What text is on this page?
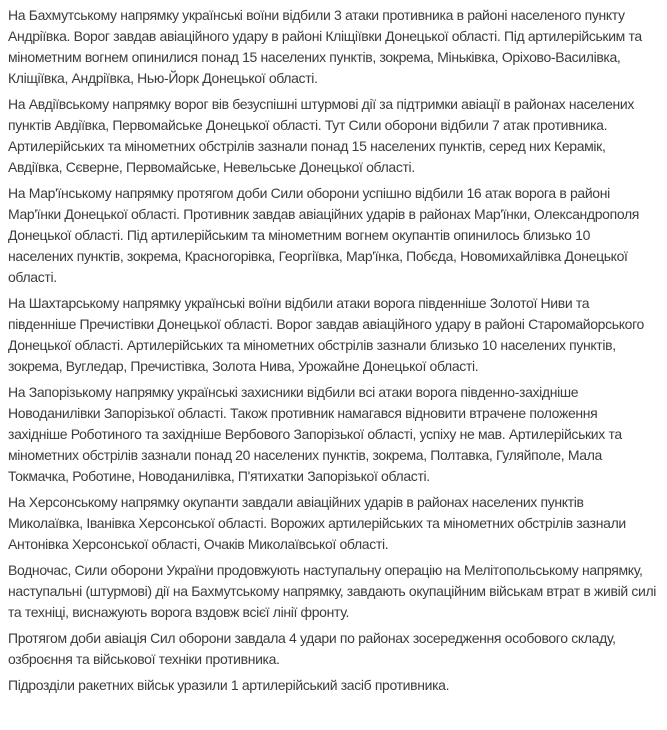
На Бахмутському напрямку українські воїни відбили 3 атаки противника в районі населеного пункту Андріївка. Ворог завдав авіаційного удару в районі Кліщіївки Донецької області. Під артилерійським та мінометним вогнем опинилися понад 15 населених пунктів, зокрема, Міньківка, Оріхово-Василівка, Кліщіївка, Андріївка, Нью-Йорк Донецької області.

На Авдіївському напрямку ворог вів безуспішні штурмові дії за підтримки авіації в районах населених пунктів Авдіївка, Первомайське Донецької області. Тут Сили оборони відбили 7 атак противника. Артилерійських та мінометних обстрілів зазнали понад 15 населених пунктів, серед них Керамік, Авдіївка, Сєверне, Первомайське, Невельське Донецької області.

На Мар'їнському напрямку протягом доби Сили оборони успішно відбили 16 атак ворога в районі Мар'їнки Донецької області. Противник завдав авіаційних ударів в районах Мар'їнки, Олександрополя Донецької області. Під артилерійським та мінометним вогнем окупантів опинилось близько 10 населених пунктів, зокрема, Красногорівка, Георгіївка, Мар'їнка, Побєда, Новомихайлівка Донецької області.

На Шахтарському напрямку українські воїни відбили атаки ворога південніше Золотої Ниви та південніше Пречистівки Донецької області. Ворог завдав авіаційного удару в районі Старомайорського Донецької області. Артилерійських та мінометних обстрілів зазнали близько 10 населених пунктів, зокрема, Вугледар, Пречистівка, Золота Нива, Урожайне Донецької області.

На Запорізькому напрямку українські захисники відбили всі атаки ворога південно-західніше Новоданилівки Запорізької області. Також противник намагався відновити втрачене положення західніше Роботиного та західніше Вербового Запорізької області, успіху не мав. Артилерійських та мінометних обстрілів зазнали понад 20 населених пунктів, зокрема, Полтавка, Гуляйполе, Мала Токмачка, Роботине, Новоданилівка, П'ятихатки Запорізької області.

На Херсонському напрямку окупанти завдали авіаційних ударів в районах населених пунктів Миколаївка, Іванівка Херсонської області. Ворожих артилерійських та мінометних обстрілів зазнали Антонівка Херсонської області, Очаків Миколаївської області.

Водночас, Сили оборони України продовжують наступальну операцію на Мелітопольському напрямку, наступальні (штурмові) дії на Бахмутському напрямку, завдають окупаційним військам втрат в живій силі та техніці, виснажують ворога вздовж всієї лінії фронту.

Протягом доби авіація Сил оборони завдала 4 удари по районах зосередження особового складу, озброєння та військової техніки противника.

Підрозділи ракетних військ уразили 1 артилерійський засіб противника.
